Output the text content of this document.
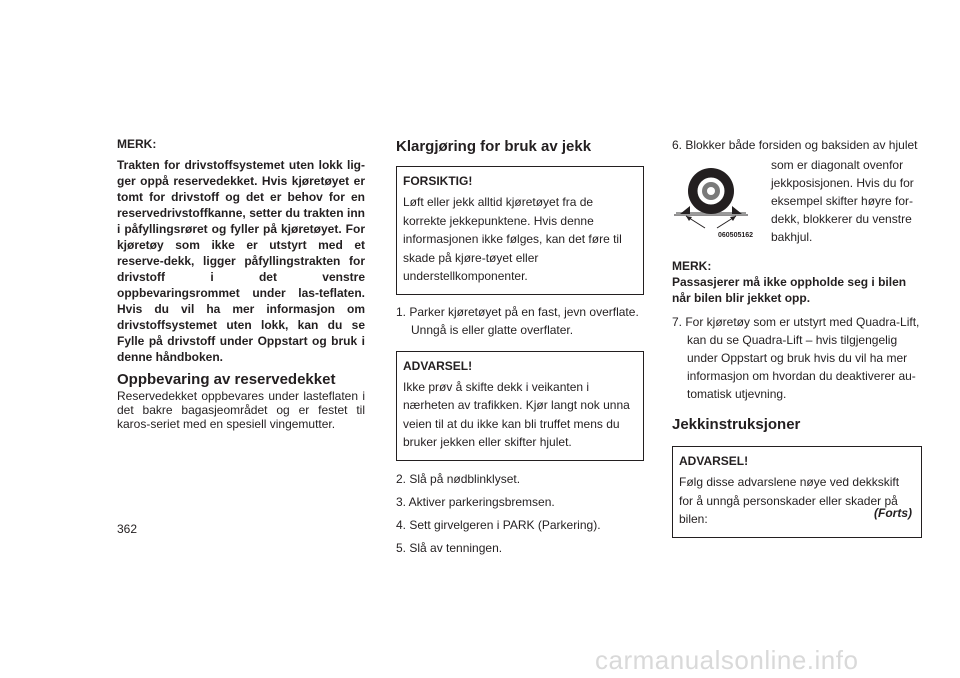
MERK:

Trakten for drivstoffsystemet uten lokk lig-ger oppå reservedekket. Hvis kjøretøyet er tomt for drivstoff og det er behov for en reservedrivstoffkanne, setter du trakten inn i påfyllingsrøret og fyller på kjøretøyet. For kjøretøy som ikke er utstyrt med et reserve-dekk, ligger påfyllingstrakten for drivstoff i det venstre oppbevaringsrommet under las-teflaten. Hvis du vil ha mer informasjon om drivstoffsystemet uten lokk, kan du se Fylle på drivstoff under Oppstart og bruk i denne håndboken.

Oppbevaring av reservedekket

Reservedekket oppbevares under lasteflaten i det bakre bagasjeområdet og er festet til karos-seriet med en spesiell vingemutter.

Klargjøring for bruk av jekk
FORSIKTIG!
Løft eller jekk alltid kjøretøyet fra de korrekte jekkepunktene. Hvis denne informasjonen ikke følges, kan det føre til skade på kjøre-tøyet eller understellkomponenter.

1. Parker kjøretøyet på en fast, jevn overflate. Unngå is eller glatte overflater.

ADVARSEL!
Ikke prøv å skifte dekk i veikanten i nærheten av trafikken. Kjør langt nok unna veien til at du ikke kan bli truffet mens du bruker jekken eller skifter hjulet.

2. Slå på nødblinklyset.

3. Aktiver parkeringsbremsen.

4. Sett girvelgeren i PARK (Parkering).

5. Slå av tenningen.

6. Blokker både forsiden og baksiden av hjulet

060505162
som er diagonalt ovenfor jekkposisjonen. Hvis du for eksempel skifter høyre for-dekk, blokkerer du venstre bakhjul.

MERK:

Passasjerer må ikke oppholde seg i bilen når bilen blir jekket opp.

7. For kjøretøy som er utstyrt med Quadra-Lift, kan du se Quadra-Lift – hvis tilgjengelig under Oppstart og bruk hvis du vil ha mer informasjon om hvordan du deaktiverer au-tomatisk utjevning.

Jekkinstruksjoner
ADVARSEL!
Følg disse advarslene nøye ved dekkskift for å unngå personskader eller skader på bilen:	(Forts)
362
carmanualsonline.info
